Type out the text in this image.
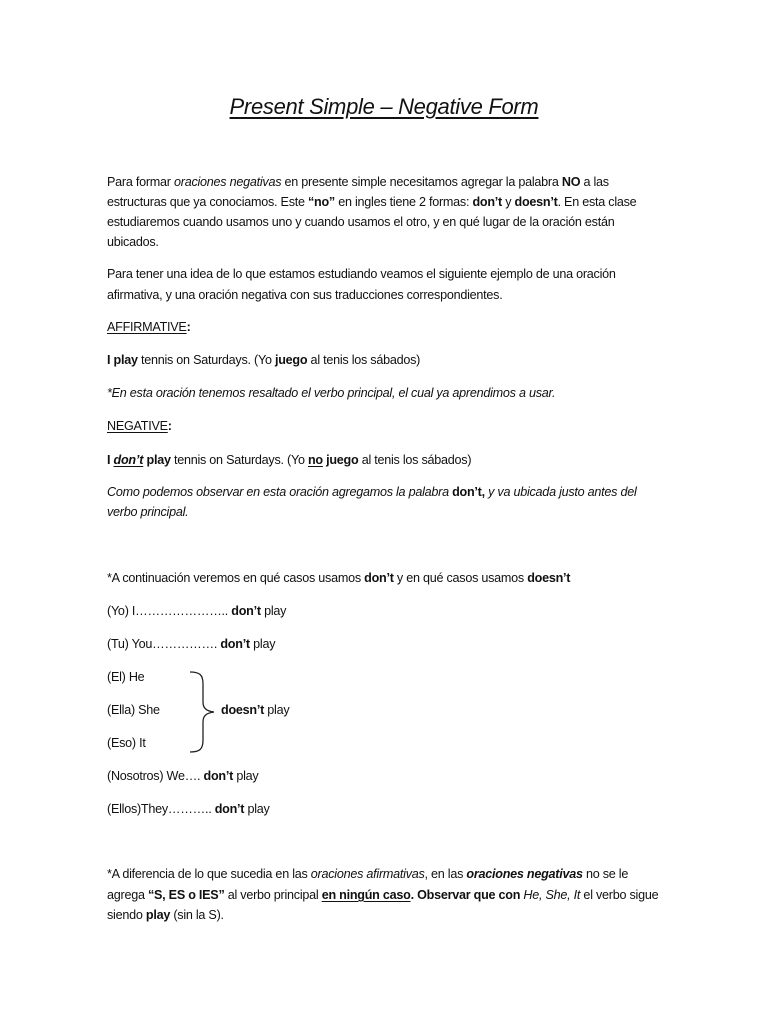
Present Simple – Negative Form
Para formar oraciones negativas en presente simple necesitamos agregar la palabra NO a las
estructuras que ya conociamos. Este “no” en ingles tiene 2 formas: don’t y doesn’t. En esta clase
estudiaremos cuando usamos uno y cuando usamos el otro, y en qué lugar de la oración están
ubicados.
Para tener una idea de lo que estamos estudiando veamos el siguiente ejemplo de una oración
afirmativa, y una oración negativa con sus traducciones correspondientes.
AFFIRMATIVE:
I play tennis on Saturdays. (Yo juego al tenis los sábados)
*En esta oración tenemos resaltado el verbo principal, el cual ya aprendimos a usar.
NEGATIVE:
I don’t play tennis on Saturdays. (Yo no juego al tenis los sábados)
Como podemos observar en esta oración agregamos la palabra don’t, y va ubicada justo antes del
verbo principal.
*A continuación veremos en qué casos usamos don’t y en qué casos usamos doesn’t
(Yo) I………………….. don’t play
(Tu) You……………. don’t play
(El) He
(Ella) She
(Eso) It
doesn’t play
(Nosotros) We…. don’t play
(Ellos)They……….. don’t play
*A diferencia de lo que sucedia en las oraciones afirmativas, en las oraciones negativas no se le
agrega “S, ES o IES” al verbo principal en ningún caso. Observar que con He, She, It el verbo sigue
siendo play (sin la S).
